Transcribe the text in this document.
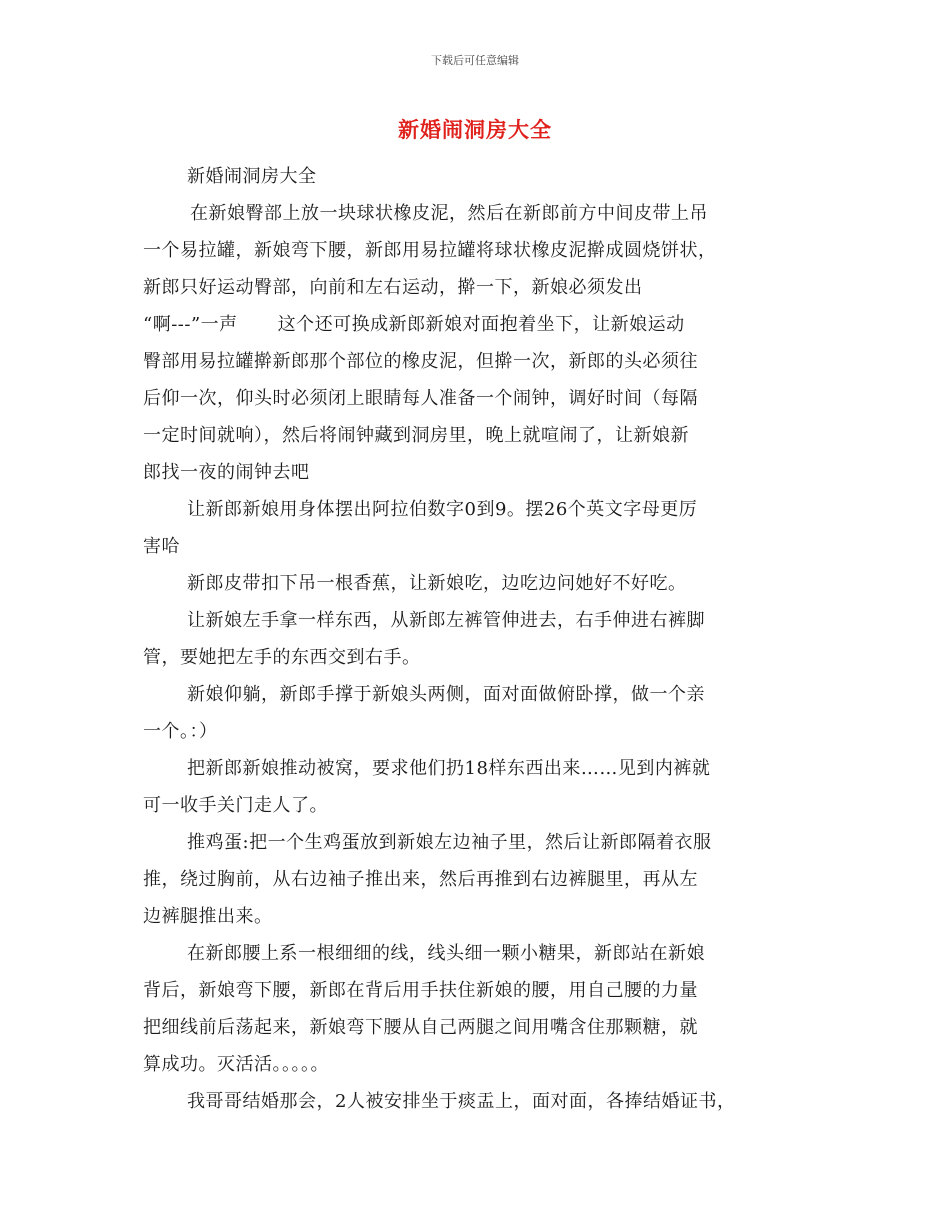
下载后可任意编辑
新婚闹洞房大全
新婚闹洞房大全
在新娘臀部上放一块球状橡皮泥，然后在新郎前方中间皮带上吊
一个易拉罐，新娘弯下腰，新郎用易拉罐将球状橡皮泥擀成圆烧饼状，
新郎只好运动臀部，向前和左右运动，擀一下，新娘必须发出
“啊---”一声 这个还可换成新郎新娘对面抱着坐下，让新娘运动
臀部用易拉罐擀新郎那个部位的橡皮泥，但擀一次，新郎的头必须往
后仰一次，仰头时必须闭上眼睛每人准备一个闹钟，调好时间（每隔
一定时间就响），然后将闹钟藏到洞房里，晚上就喧闹了，让新娘新
郎找一夜的闹钟去吧
让新郎新娘用身体摆出阿拉伯数字0到9。摆26个英文字母更厉
害哈
新郎皮带扣下吊一根香蕉，让新娘吃，边吃边问她好不好吃。
让新娘左手拿一样东西，从新郎左裤管伸进去，右手伸进右裤脚
管，要她把左手的东西交到右手。
新娘仰躺，新郎手撑于新娘头两侧，面对面做俯卧撑，做一个亲
一个。：）
把新郎新娘推动被窝，要求他们扔18样东西出来……见到内裤就
可一收手关门走人了。
推鸡蛋:把一个生鸡蛋放到新娘左边袖子里，然后让新郎隔着衣服
推，绕过胸前，从右边袖子推出来，然后再推到右边裤腿里，再从左
边裤腿推出来。
在新郎腰上系一根细细的线，线头细一颗小糖果，新郎站在新娘
背后，新娘弯下腰，新郎在背后用手扶住新娘的腰，用自己腰的力量
把细线前后荡起来，新娘弯下腰从自己两腿之间用嘴含住那颗糖，就
算成功。灭活活。。。。。
我哥哥结婚那会，2人被安排坐于痰盂上，面对面，各捧结婚证书，
